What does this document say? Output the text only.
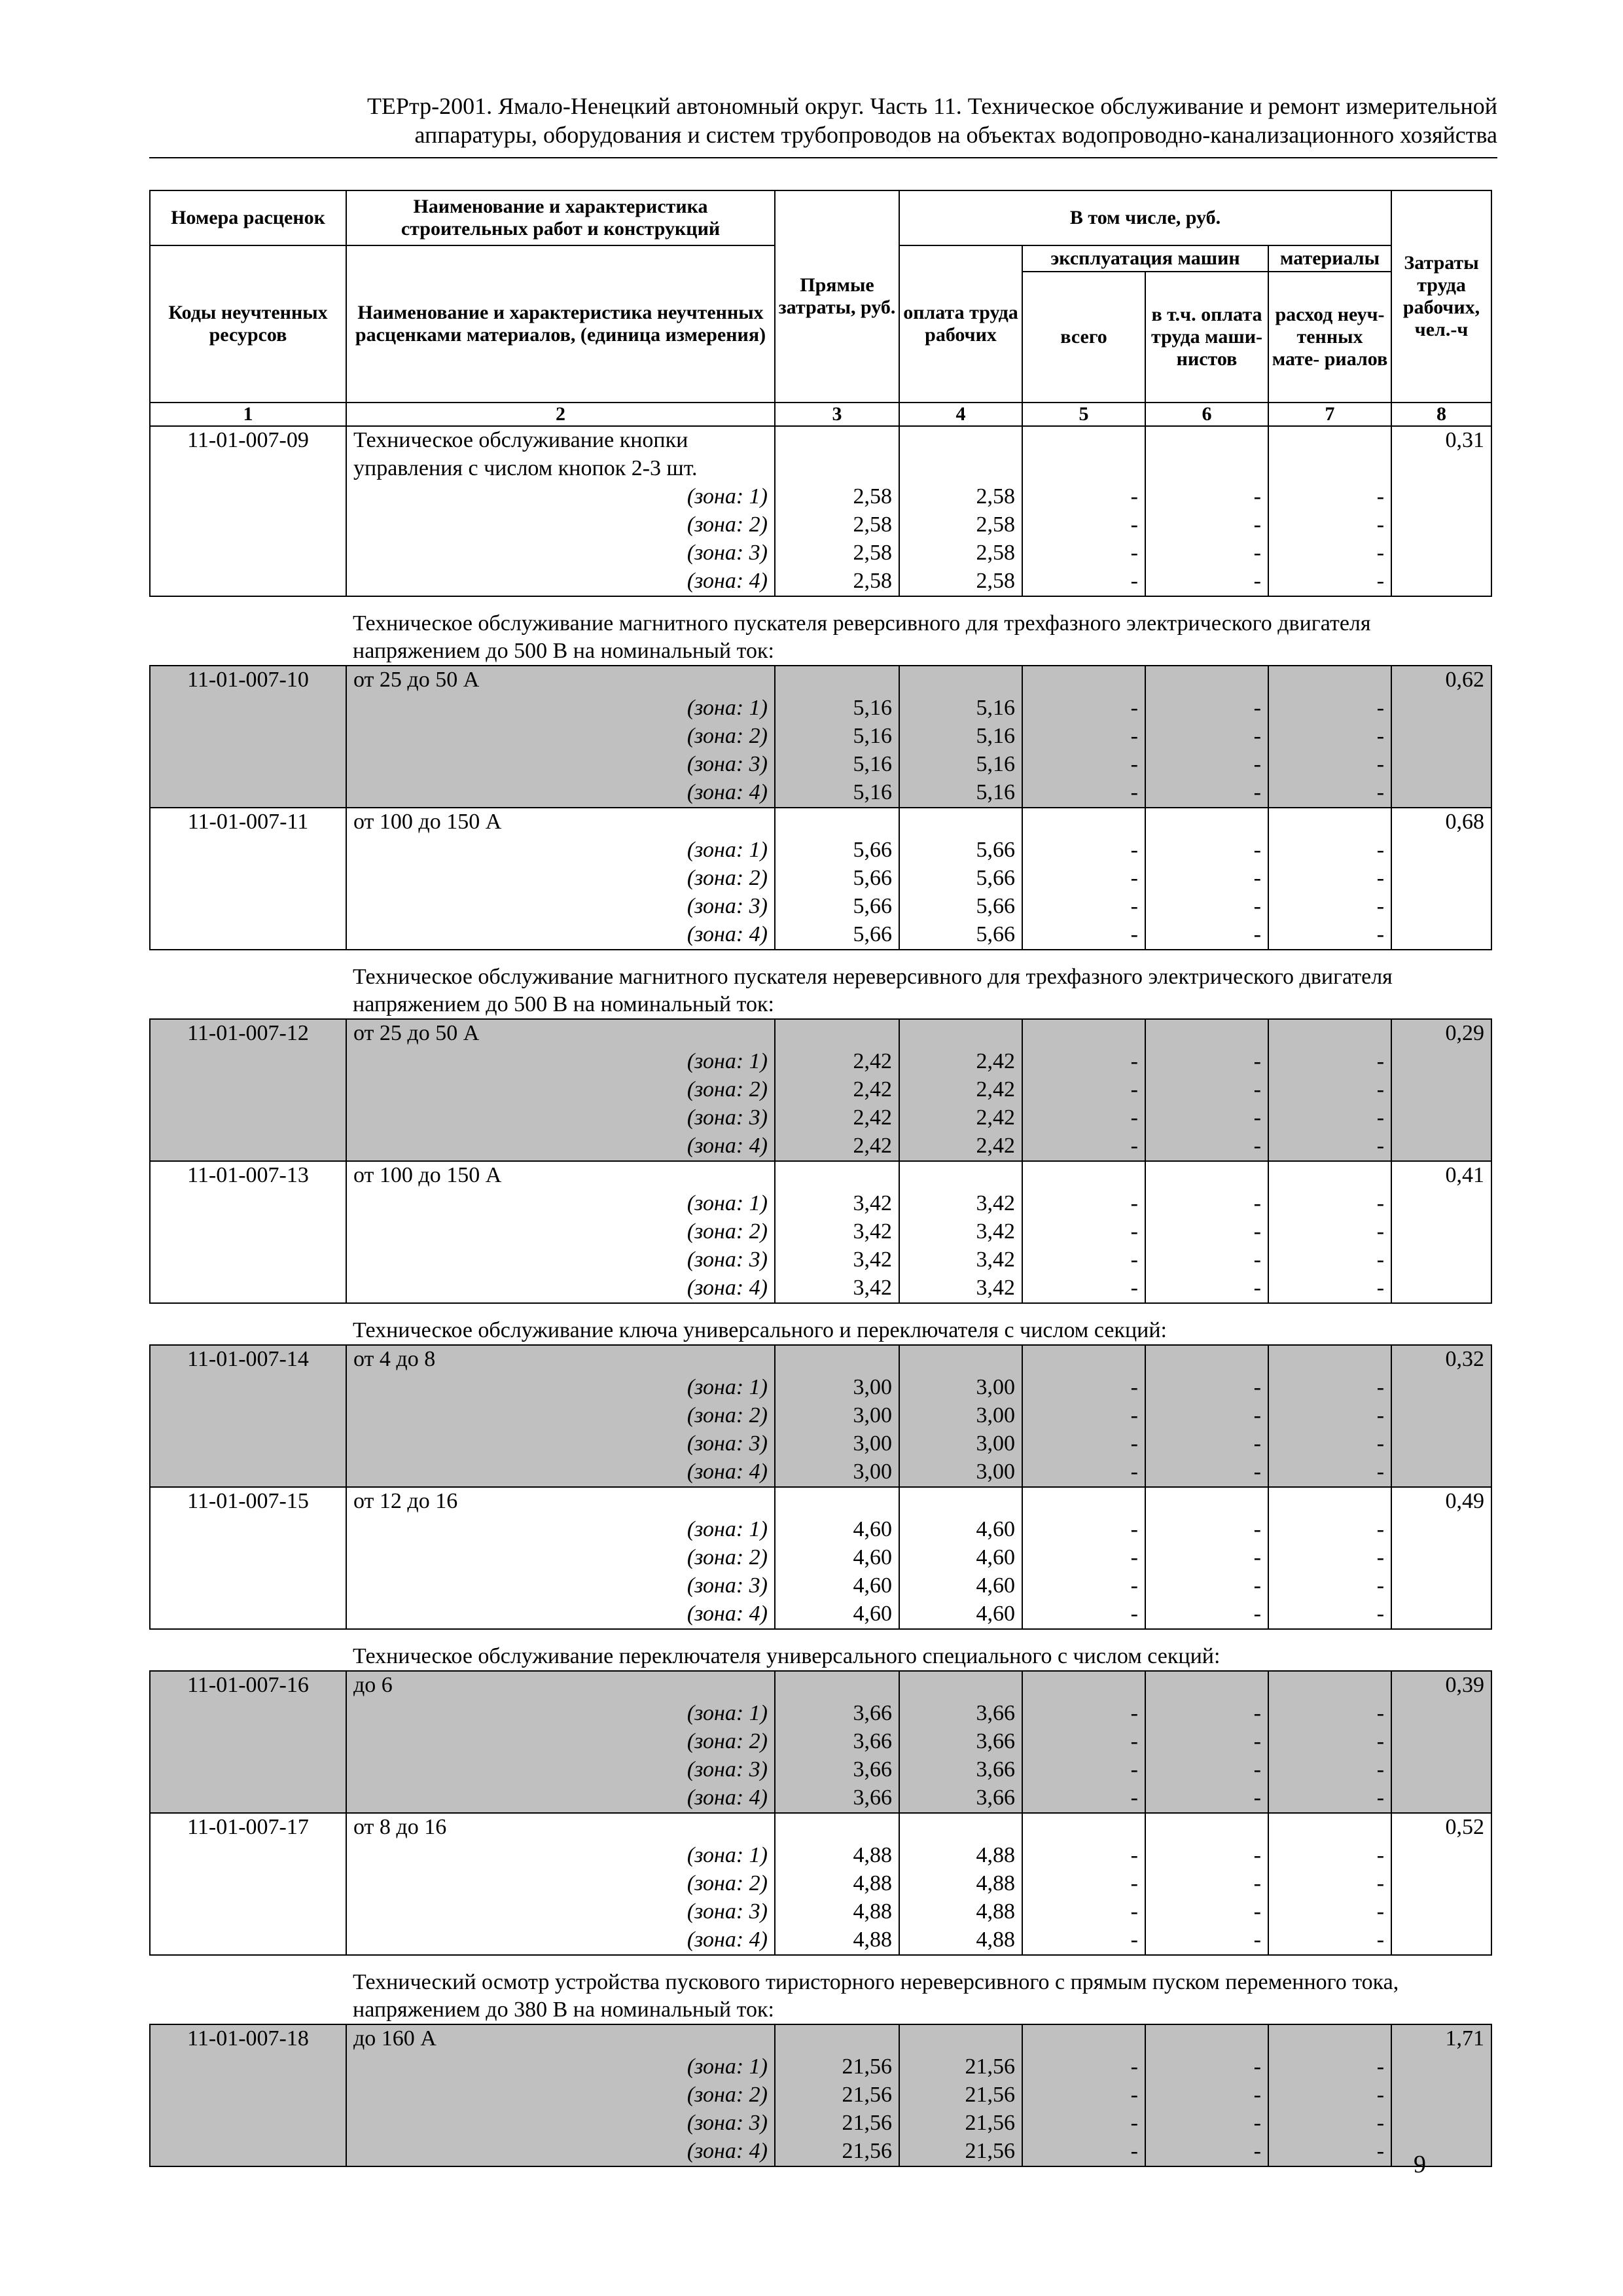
ТЕРтр-2001. Ямало-Ненецкий автономный округ. Часть 11. Техническое обслуживание и ремонт измерительной
аппаратуры, оборудования и систем трубопроводов на объектах водопроводно-канализационного хозяйства
Номера расценок	Наименование и характеристика строительных работ и конструкций	Прямые затраты, руб.	В том числе, руб.				Затраты труда рабочих, чел.-ч
Коды неучтенных ресурсов	Наименование и характеристика неучтенных расценками материалов, (единица измерения)		оплата труда рабочих	эксплуатация машин		материалы	
				всего	в т.ч. оплата труда маши- нистов	расход неуч- тенных мате- риалов	
1	2	3	4	5	6	7	8
11-01-007-09	Техническое обслуживание кнопки						0,31
	управления с числом кнопок 2-3 шт.						

	(зона: 1)	2,58	2,58	-	-	-	

	(зона: 2)	2,58	2,58	-	-	-	

	(зона: 3)	2,58	2,58	-	-	-	

	(зона: 4)	2,58	2,58	-	-	-	
	Техническое обслуживание магнитного пускателя реверсивного для трехфазного электрического двигателя напряжением до 500 В на номинальный ток:						
11-01-007-10	от 25 до 50 А						0,62

	(зона: 1)	5,16	5,16	-	-	-	

	(зона: 2)	5,16	5,16	-	-	-	

	(зона: 3)	5,16	5,16	-	-	-	

	(зона: 4)	5,16	5,16	-	-	-	
11-01-007-11	от 100 до 150 А						0,68

	(зона: 1)	5,66	5,66	-	-	-	

	(зона: 2)	5,66	5,66	-	-	-	

	(зона: 3)	5,66	5,66	-	-	-	

	(зона: 4)	5,66	5,66	-	-	-	
	Техническое обслуживание магнитного пускателя нереверсивного для трехфазного электрического двигателя напряжением до 500 В на номинальный ток:						
11-01-007-12	от 25 до 50 А						0,29

	(зона: 1)	2,42	2,42	-	-	-	

	(зона: 2)	2,42	2,42	-	-	-	

	(зона: 3)	2,42	2,42	-	-	-	

	(зона: 4)	2,42	2,42	-	-	-	
11-01-007-13	от 100 до 150 А						0,41

	(зона: 1)	3,42	3,42	-	-	-	

	(зона: 2)	3,42	3,42	-	-	-	

	(зона: 3)	3,42	3,42	-	-	-	

	(зона: 4)	3,42	3,42	-	-	-	
	Техническое обслуживание ключа универсального и переключателя с числом секций:						
11-01-007-14	от 4 до 8						0,32

	(зона: 1)	3,00	3,00	-	-	-	

	(зона: 2)	3,00	3,00	-	-	-	

	(зона: 3)	3,00	3,00	-	-	-	

	(зона: 4)	3,00	3,00	-	-	-	
11-01-007-15	от 12 до 16						0,49

	(зона: 1)	4,60	4,60	-	-	-	

	(зона: 2)	4,60	4,60	-	-	-	

	(зона: 3)	4,60	4,60	-	-	-	

	(зона: 4)	4,60	4,60	-	-	-	
	Техническое обслуживание переключателя универсального специального с числом секций:						
11-01-007-16	до 6						0,39

	(зона: 1)	3,66	3,66	-	-	-	

	(зона: 2)	3,66	3,66	-	-	-	

	(зона: 3)	3,66	3,66	-	-	-	

	(зона: 4)	3,66	3,66	-	-	-	
11-01-007-17	от 8 до 16						0,52

	(зона: 1)	4,88	4,88	-	-	-	

	(зона: 2)	4,88	4,88	-	-	-	

	(зона: 3)	4,88	4,88	-	-	-	

	(зона: 4)	4,88	4,88	-	-	-	
	Технический осмотр устройства пускового тиристорного нереверсивного с прямым пуском переменного тока, напряжением до 380 В на номинальный ток:						
11-01-007-18	до 160 А						1,71

	(зона: 1)	21,56	21,56	-	-	-	

	(зона: 2)	21,56	21,56	-	-	-	

	(зона: 3)	21,56	21,56	-	-	-	

	(зона: 4)	21,56	21,56	-	-	-	9
